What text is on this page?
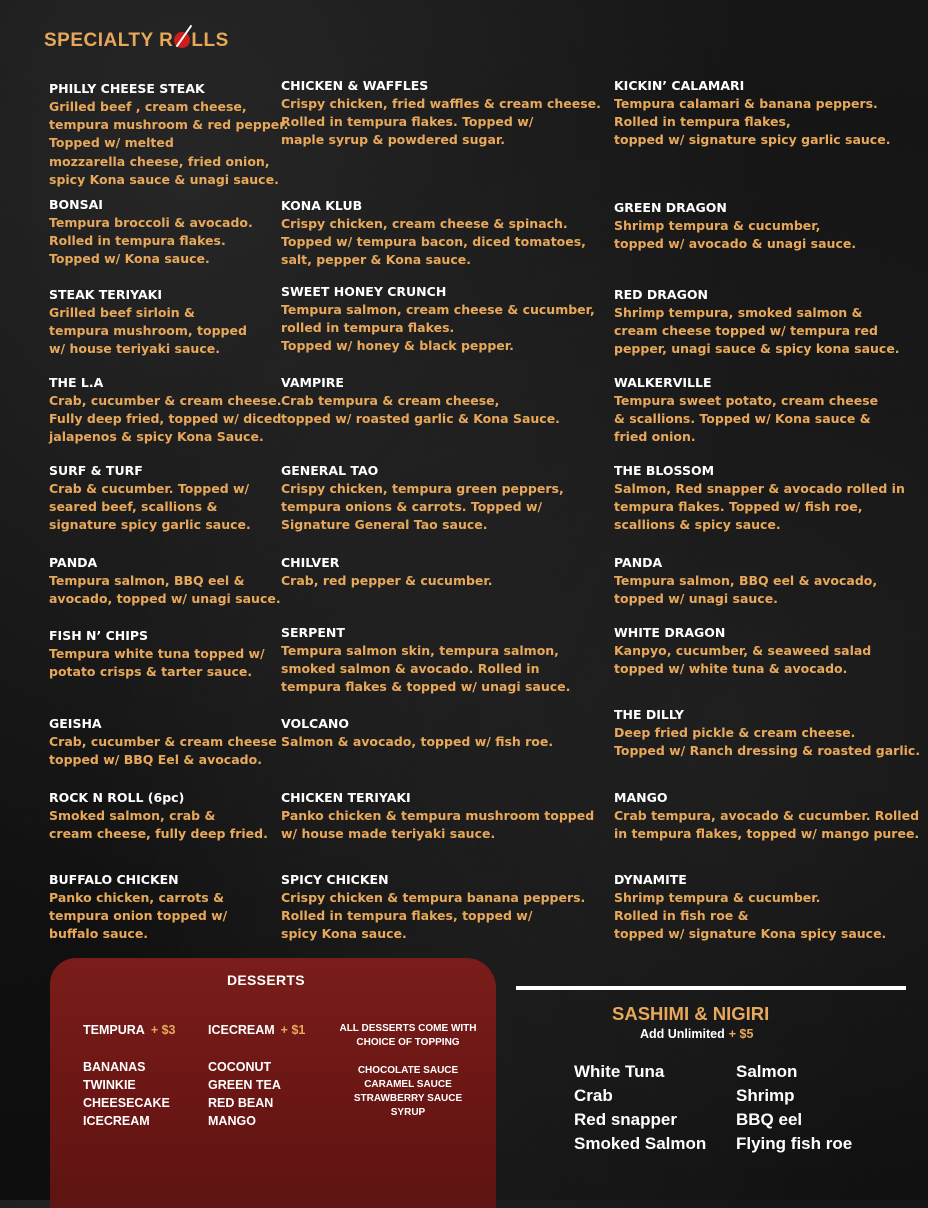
SPECIALTY R LLS
PHILLY CHEESE STEAK
Grilled beef , cream cheese,
tempura mushroom & red pepper.
Topped w/ melted
mozzarella cheese, fried onion,
spicy Kona sauce & unagi sauce.
BONSAI
Tempura broccoli & avocado.
Rolled in tempura flakes.
Topped w/ Kona sauce.
STEAK TERIYAKI
Grilled beef sirloin &
tempura mushroom, topped
w/ house teriyaki sauce.
THE L.A
Crab, cucumber & cream cheese.
Fully deep fried, topped w/ diced
jalapenos & spicy Kona Sauce.
SURF & TURF
Crab & cucumber. Topped w/
seared beef, scallions &
signature spicy garlic sauce.
PANDA
Tempura salmon, BBQ eel &
avocado, topped w/ unagi sauce.
FISH N’ CHIPS
Tempura white tuna topped w/
potato crisps & tarter sauce.
GEISHA
Crab, cucumber & cream cheese
topped w/ BBQ Eel & avocado.
ROCK N ROLL (6pc)
Smoked salmon, crab &
cream cheese, fully deep fried.
BUFFALO CHICKEN
Panko chicken, carrots &
tempura onion topped w/
buffalo sauce.
CHICKEN & WAFFLES
Crispy chicken, fried waffles & cream cheese.
Rolled in tempura flakes. Topped w/
maple syrup & powdered sugar.
KONA KLUB
Crispy chicken, cream cheese & spinach.
Topped w/ tempura bacon, diced tomatoes,
salt, pepper & Kona sauce.
SWEET HONEY CRUNCH
Tempura salmon, cream cheese & cucumber,
rolled in tempura flakes.
Topped w/ honey & black pepper.
VAMPIRE
Crab tempura & cream cheese,
topped w/ roasted garlic & Kona Sauce.
GENERAL TAO
Crispy chicken, tempura green peppers,
tempura onions & carrots. Topped w/
Signature General Tao sauce.
CHILVER
Crab, red pepper & cucumber.
SERPENT
Tempura salmon skin, tempura salmon,
smoked salmon & avocado. Rolled in
tempura flakes & topped w/ unagi sauce.
VOLCANO
Salmon & avocado, topped w/ fish roe.
CHICKEN TERIYAKI
Panko chicken & tempura mushroom topped
w/ house made teriyaki sauce.
SPICY CHICKEN
Crispy chicken & tempura banana peppers.
Rolled in tempura flakes, topped w/
spicy Kona sauce.
KICKIN’ CALAMARI
Tempura calamari & banana peppers.
Rolled in tempura flakes,
topped w/ signature spicy garlic sauce.
GREEN DRAGON
Shrimp tempura & cucumber,
topped w/ avocado & unagi sauce.
RED DRAGON
Shrimp tempura, smoked salmon &
cream cheese topped w/ tempura red
pepper, unagi sauce & spicy kona sauce.
WALKERVILLE
Tempura sweet potato, cream cheese
& scallions. Topped w/ Kona sauce &
fried onion.
THE BLOSSOM
Salmon, Red snapper & avocado rolled in
tempura flakes. Topped w/ fish roe,
scallions & spicy sauce.
PANDA
Tempura salmon, BBQ eel & avocado,
topped w/ unagi sauce.
WHITE DRAGON
Kanpyo, cucumber, & seaweed salad
topped w/ white tuna & avocado.
THE DILLY
Deep fried pickle & cream cheese.
Topped w/ Ranch dressing & roasted garlic.
MANGO
Crab tempura, avocado & cucumber. Rolled
in tempura flakes, topped w/ mango puree.
DYNAMITE
Shrimp tempura & cucumber.
Rolled in fish roe &
topped w/ signature Kona spicy sauce.
DESSERTS
TEMPURA + $3	ICECREAM + $1
BANANAS
TWINKIE
CHEESECAKE
ICECREAM
COCONUT
GREEN TEA
RED BEAN
MANGO
ALL DESSERTS COME WITH CHOICE OF TOPPING
CHOCOLATE SAUCE
CARAMEL SAUCE
STRAWBERRY SAUCE
SYRUP
SASHIMI & NIGIRI
Add Unlimited + $5
White Tuna
Crab
Red snapper
Smoked Salmon
Salmon
Shrimp
BBQ eel
Flying fish roe
